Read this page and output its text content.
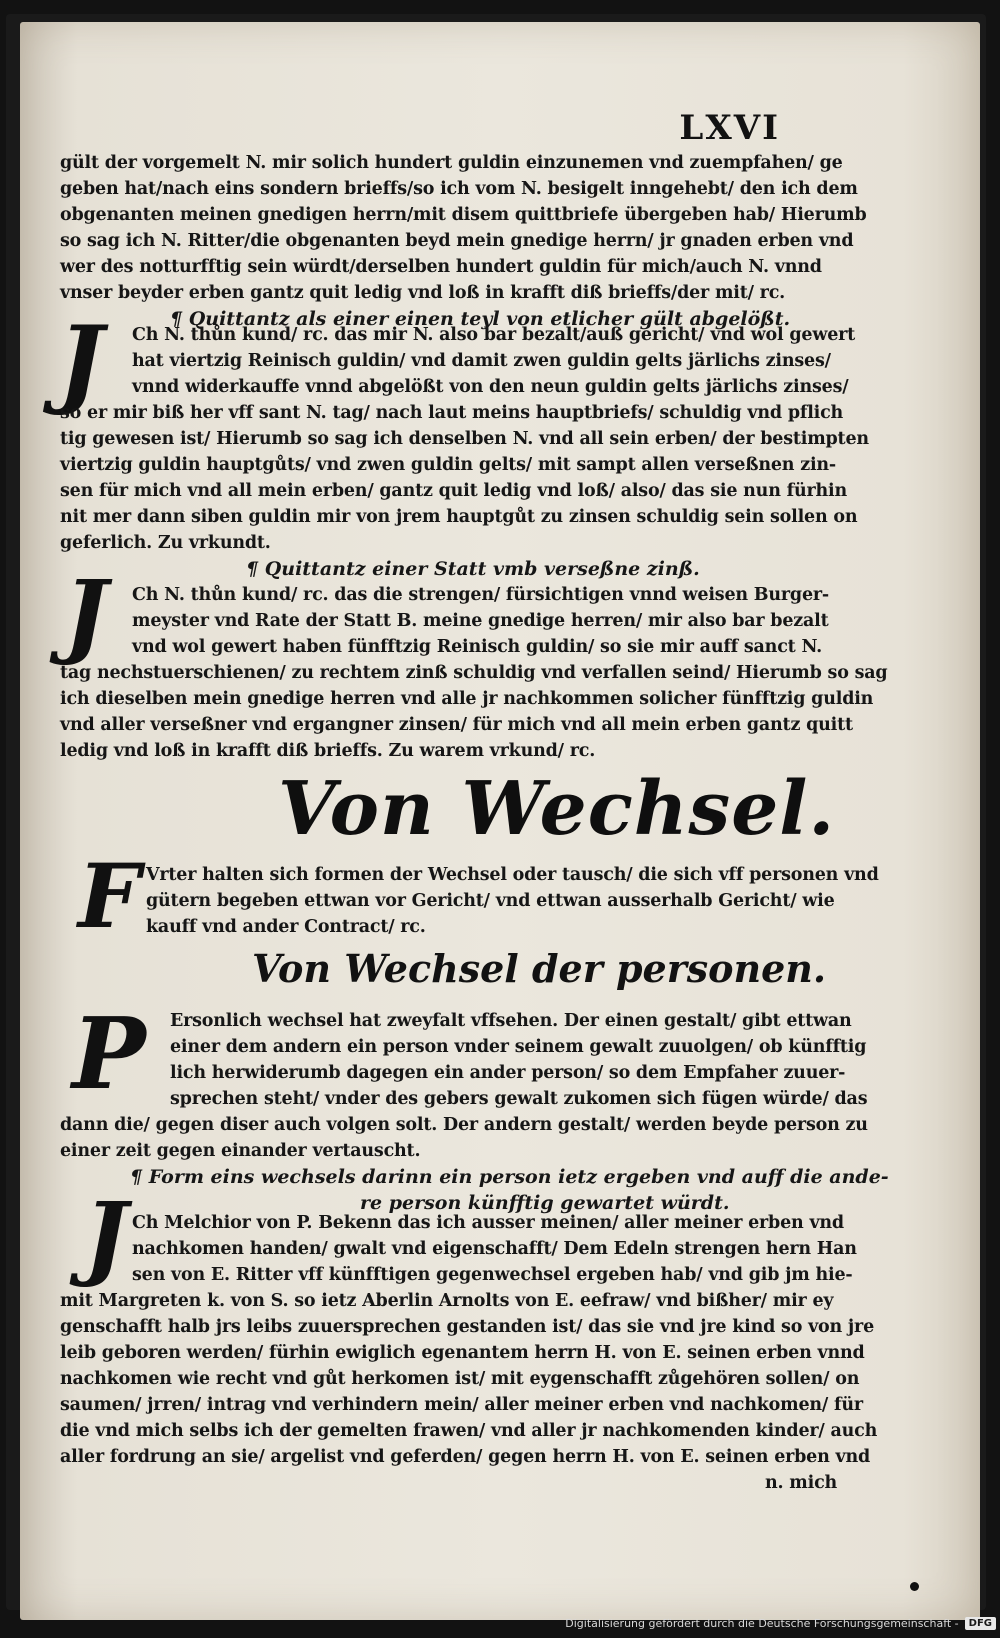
LXVI
gült der vorgemelt N. mir solich hundert guldin einzunemen vnd zuempfahen/ ge
geben hat/nach eins sondern brieffs/so ich vom N. besigelt inngehebt/ den ich dem
obgenanten meinen gnedigen herrn/mit disem quittbriefe übergeben hab/ Hierumb
so sag ich N. Ritter/die obgenanten beyd mein gnedige herrn/ jr gnaden erben vnd
wer des notturfftig sein würdt/derselben hundert guldin für mich/auch N. vnnd
vnser beyder erben gantz quit ledig vnd loß in krafft diß brieffs/der mit/ rc.
¶ Quittantz als einer einen teyl von etlicher gült abgelößt.
J	Ch N. thůn kund/ rc. das mir N. also bar bezalt/auß gericht/ vnd wol gewert
hat viertzig Reinisch guldin/ vnd damit zwen guldin gelts järlichs zinses/
vnnd widerkauffe vnnd abgelößt von den neun guldin gelts järlichs zinses/
so er mir biß her vff sant N. tag/ nach laut meins hauptbriefs/ schuldig vnd pflich
tig gewesen ist/ Hierumb so sag ich denselben N. vnd all sein erben/ der bestimpten
viertzig guldin hauptgůts/ vnd zwen guldin gelts/ mit sampt allen verseßnen zin-
sen für mich vnd all mein erben/ gantz quit ledig vnd loß/ also/ das sie nun fürhin
nit mer dann siben guldin mir von jrem hauptgůt zu zinsen schuldig sein sollen on
geferlich. Zu vrkundt.
¶ Quittantz einer Statt vmb verseßne zinß.
J	Ch N. thůn kund/ rc. das die strengen/ fürsichtigen vnnd weisen Burger-
meyster vnd Rate der Statt B. meine gnedige herren/ mir also bar bezalt
vnd wol gewert haben fünfftzig Reinisch guldin/ so sie mir auff sanct N.
tag nechstuerschienen/ zu rechtem zinß schuldig vnd verfallen seind/ Hierumb so sag
ich dieselben mein gnedige herren vnd alle jr nachkommen solicher fünfftzig guldin
vnd aller verseßner vnd ergangner zinsen/ für mich vnd all mein erben gantz quitt
ledig vnd loß in krafft diß brieffs. Zu warem vrkund/ rc.
Von Wechsel.
F Vrter halten sich formen der Wechsel oder tausch/ die sich vff personen vnd
gütern begeben ettwan vor Gericht/ vnd ettwan ausserhalb Gericht/ wie
kauff vnd ander Contract/ rc.
Von Wechsel der personen.
P	Ersonlich wechsel hat zweyfalt vffsehen. Der einen gestalt/ gibt ettwan
einer dem andern ein person vnder seinem gewalt zuuolgen/ ob künfftig
lich herwiderumb dagegen ein ander person/ so dem Empfaher zuuer-
sprechen steht/ vnder des gebers gewalt zukomen sich fügen würde/ das
dann die/ gegen diser auch volgen solt. Der andern gestalt/ werden beyde person zu
einer zeit gegen einander vertauscht.
¶ Form eins wechsels darinn ein person ietz ergeben vnd auff die ande-
re person künfftig gewartet würdt.
J Ch Melchior von P. Bekenn das ich ausser meinen/ aller meiner erben vnd
nachkomen handen/ gwalt vnd eigenschafft/ Dem Edeln strengen hern Han
sen von E. Ritter vff künfftigen gegenwechsel ergeben hab/ vnd gib jm hie-
mit Margreten k. von S. so ietz Aberlin Arnolts von E. eefraw/ vnd bißher/ mir ey
genschafft halb jrs leibs zuuersprechen gestanden ist/ das sie vnd jre kind so von jre
leib geboren werden/ fürhin ewiglich egenantem herrn H. von E. seinen erben vnnd
nachkomen wie recht vnd gůt herkomen ist/ mit eygenschafft zůgehören sollen/ on
saumen/ jrren/ intrag vnd verhindern mein/ aller meiner erben vnd nachkomen/ für
die vnd mich selbs ich der gemelten frawen/ vnd aller jr nachkomenden kinder/ auch
aller fordrung an sie/ argelist vnd geferden/ gegen herrn H. von E. seinen erben vnd
n. mich
Digitalisierung gefördert durch die Deutsche Forschungsgemeinschaft -	DFG
